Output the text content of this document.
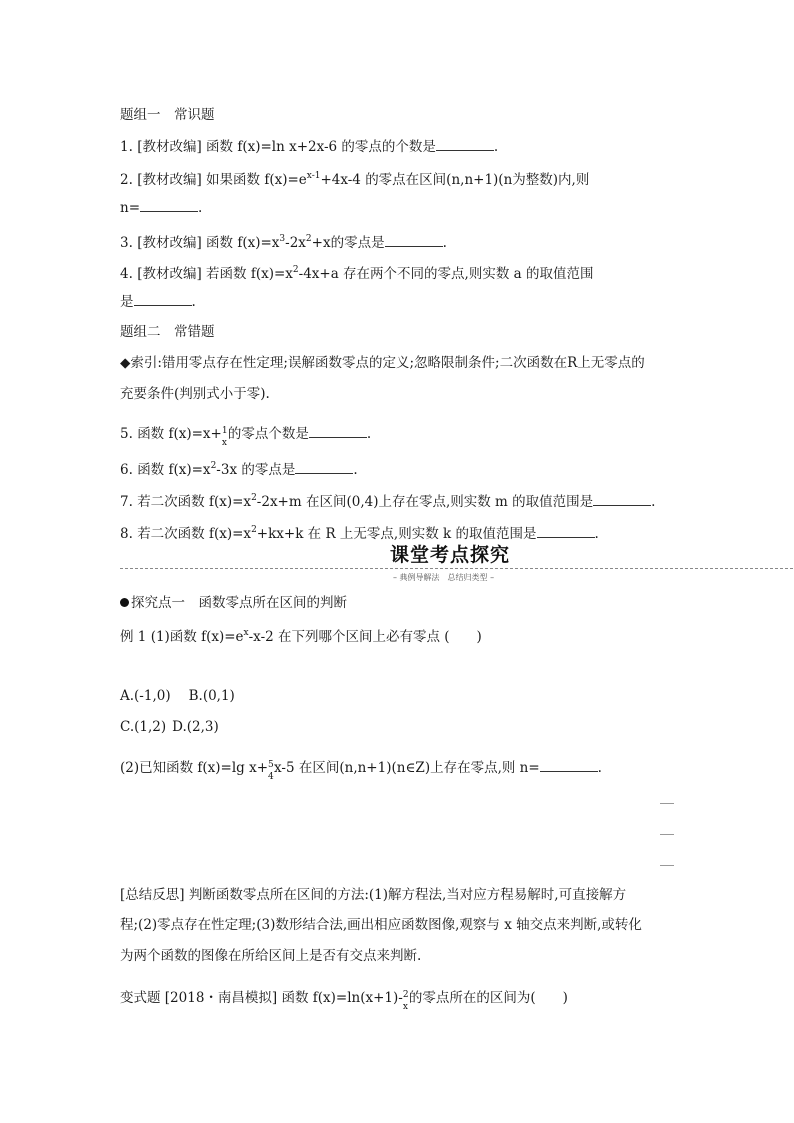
题组一　常识题
1. [教材改编] 函数 f(x)=ln x+2x-6 的零点的个数是	.
2. [教材改编] 如果函数 $f(x)=e^{x-1}+4x-4$ 的零点在区间(n,n+1)(n为整数)内,则
n=	.
3. [教材改编] 函数 $f(x)=x^3-2x^2+x$的零点是	.
4. [教材改编] 若函数 $f(x)=x^2-4x+a$ 存在两个不同的零点,则实数 a 的取值范围
是	.
题组二　常错题
◆索引:错用零点存在性定理;误解函数零点的定义;忽略限制条件;二次函数在R上无零点的
充要条件(判别式小于零).
5. 函数 f(x)=x+ 1
x
的零点个数是	.
6. 函数 $f(x)=x^2-3x$ 的零点是	.
7. 若二次函数 $f(x)=x^2-2x+m$ 在区间(0,4)上存在零点,则实数 m 的取值范围是	.
8. 若二次函数 $f(x)=x^2+kx+k$ 在 R 上无零点,则实数 k 的取值范围是	.
课堂考点探究
– 典例导解法　总结归类型 –
探究点一　函数零点所在区间的判断
例 1 (1)函数 $f(x)=e^x-x-2$ 在下列哪个区间上必有零点 (　　)
A.(-1,0) B.(0,1)
C.(1,2) D.(2,3)
(2)已知函数 f(x)=lg x+ 5
4
x-5 在区间(n,n+1)(n∈Z)上存在零点,则 n=	.
[总结反思] 判断函数零点所在区间的方法:(1)解方程法,当对应方程易解时,可直接解方
程;(2)零点存在性定理;(3)数形结合法,画出相应函数图像,观察与 x 轴交点来判断,或转化
为两个函数的图像在所给区间上是否有交点来判断.
变式题 [2018・南昌模拟] 函数 f(x)=ln(x+1)- 2
x
的零点所在的区间为(　　)
